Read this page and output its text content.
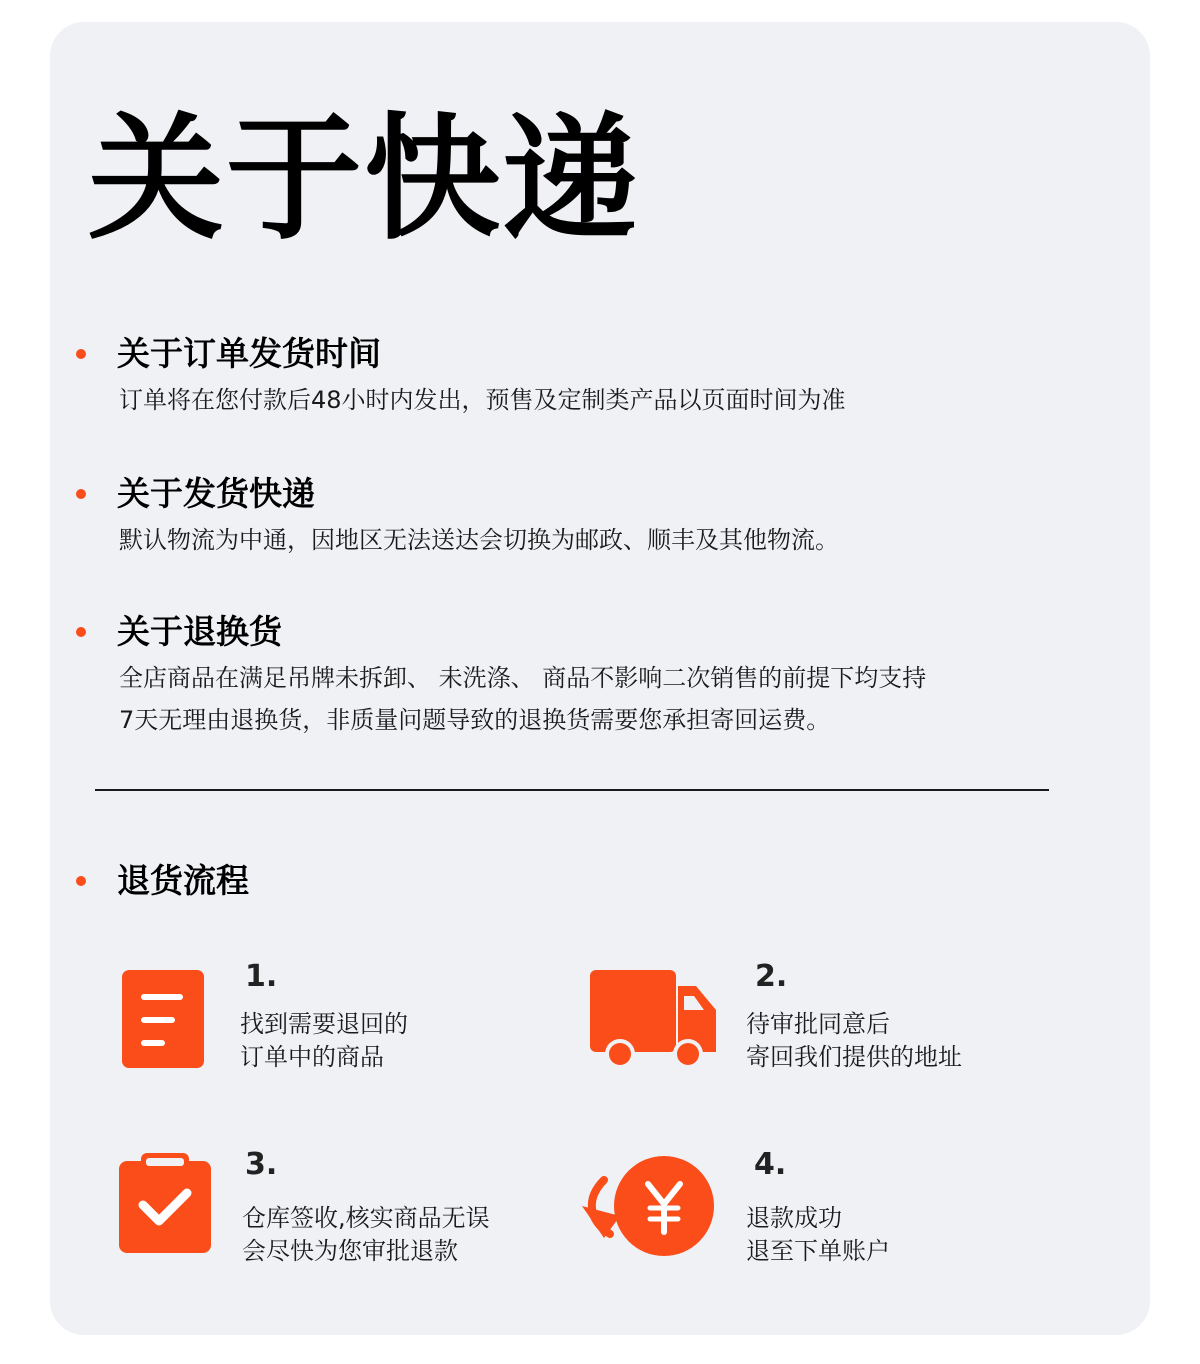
关于快递
关于订单发货时间
订单将在您付款后48小时内发出，预售及定制类产品以页面时间为准
关于发货快递
默认物流为中通，因地区无法送达会切换为邮政、顺丰及其他物流。
关于退换货
全店商品在满足吊牌未拆卸、 未洗涤、 商品不影响二次销售的前提下均支持
7天无理由退换货，非质量问题导致的退换货需要您承担寄回运费。
退货流程
1.
找到需要退回的
订单中的商品
2.
待审批同意后
寄回我们提供的地址
3.
仓库签收,核实商品无误
会尽快为您审批退款
4.
退款成功
退至下单账户
